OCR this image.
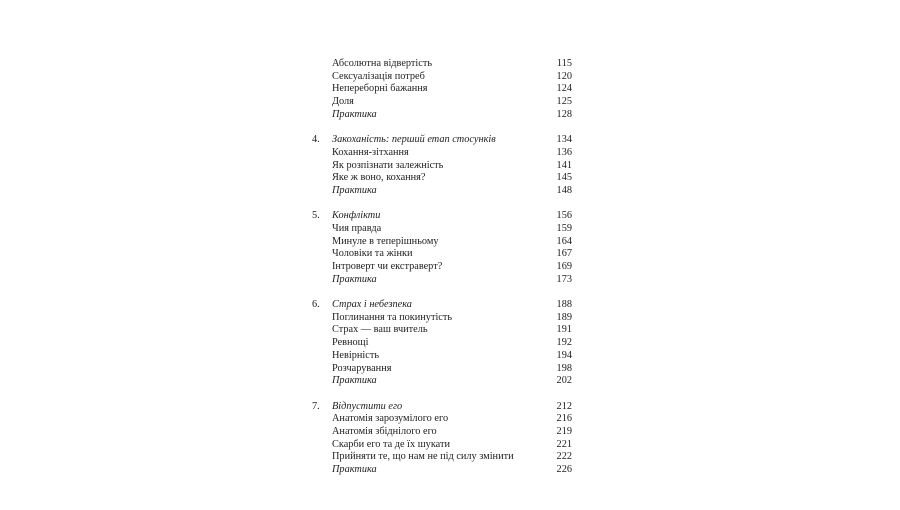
Абсолютна відвертість	115
Сексуалізація потреб	120
Непереборні бажання	124
Доля	125
Практика	128
4. Закоханість: перший етап стосунків	134
Кохання-зітхання	136
Як розпізнати залежність	141
Яке ж воно, кохання?	145
Практика	148
5. Конфлікти	156
Чия правда	159
Минуле в теперішньому	164
Чоловіки та жінки	167
Інтроверт чи екстраверт?	169
Практика	173
6. Страх і небезпека	188
Поглинання та покинутість	189
Страх — ваш вчитель	191
Ревнощі	192
Невірність	194
Розчарування	198
Практика	202
7. Відпустити его	212
Анатомія зарозумілого его	216
Анатомія збіднілого его	219
Скарби его та де їх шукати	221
Прийняти те, що нам не під силу змінити	222
Практика	226
